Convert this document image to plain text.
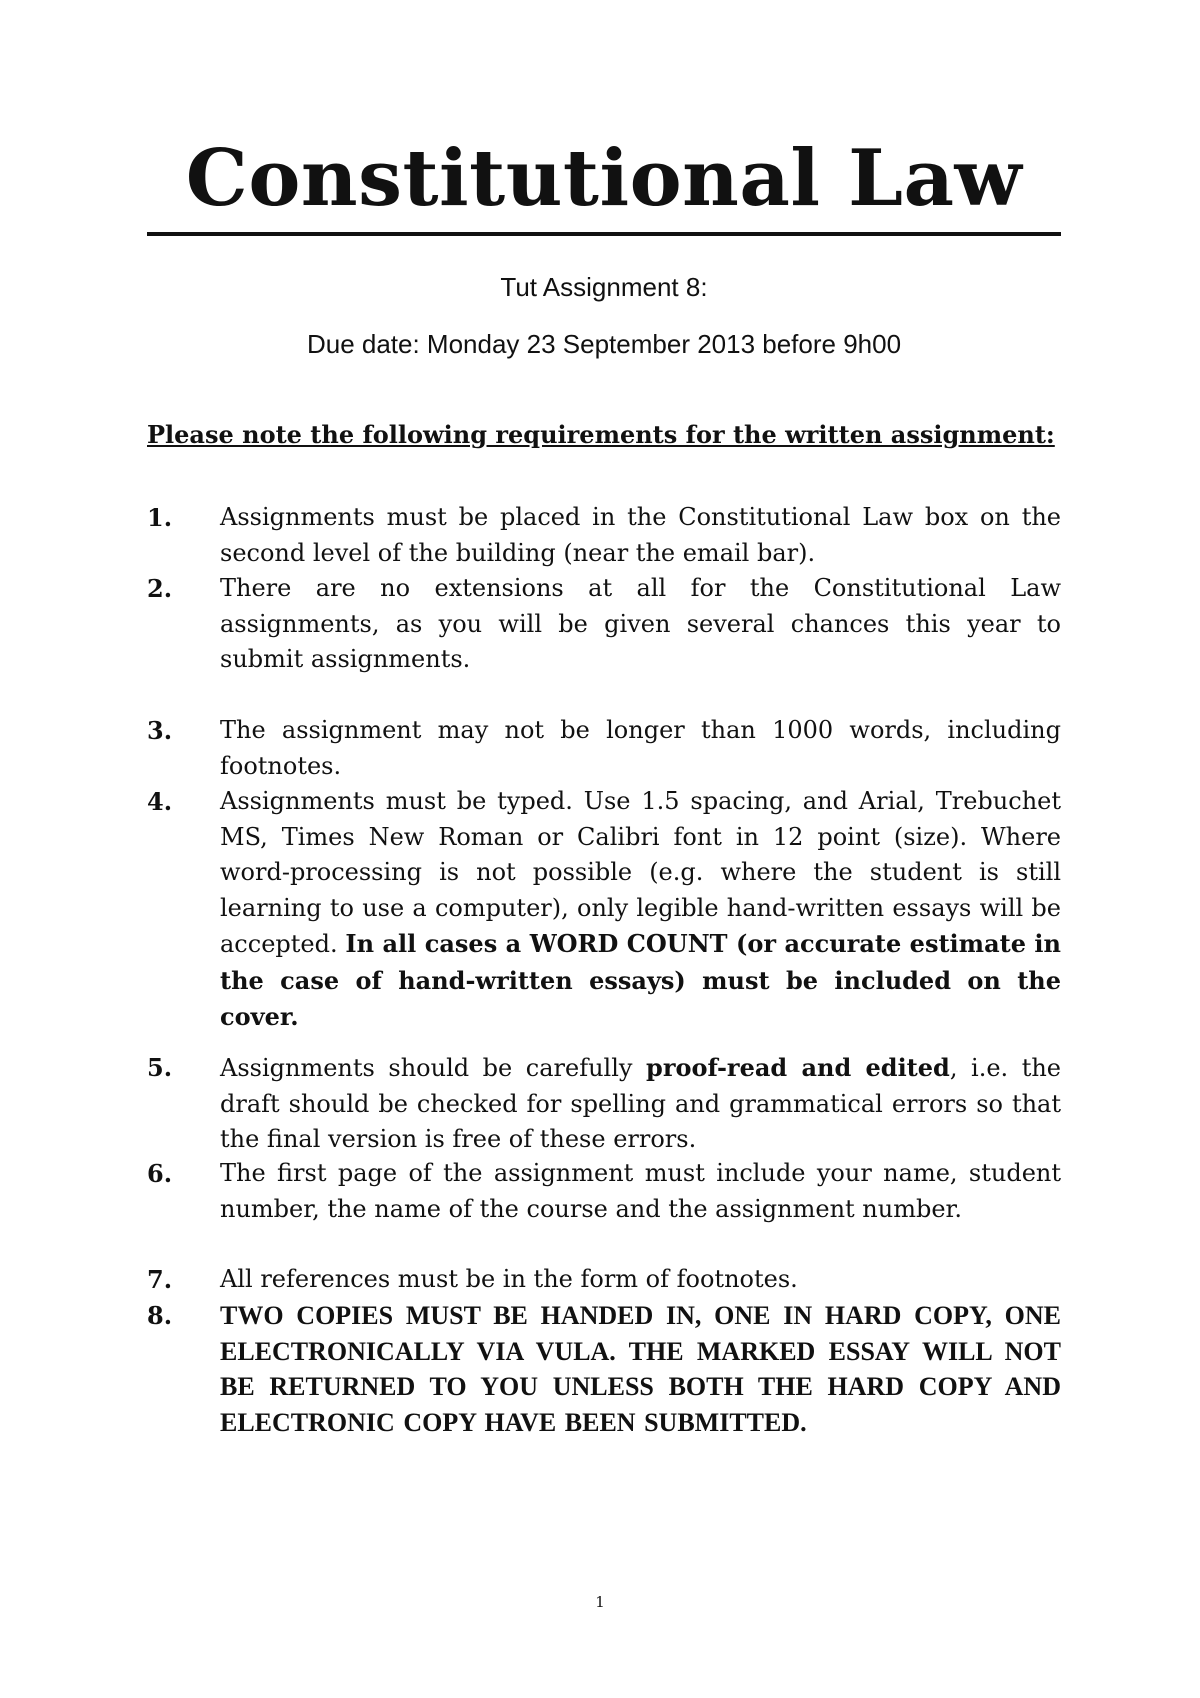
Constitutional Law

Tut Assignment 8:

Due date: Monday 23 September 2013 before 9h00

Please note the following requirements for the written assignment:

1.	Assignments must be placed in the Constitutional Law box on the second level of the building (near the email bar).
2.	There are no extensions at all for the Constitutional Law assignments, as you will be given several chances this year to submit assignments.
3.	The assignment may not be longer than 1000 words, including footnotes.
4.	Assignments must be typed. Use 1.5 spacing, and Arial, Trebuchet MS, Times New Roman or Calibri font in 12 point (size). Where word-processing is not possible (e.g. where the student is still learning to use a computer), only legible hand-written essays will be accepted. In all cases a WORD COUNT (or accurate estimate in the case of hand-written essays) must be included on the cover.
5.	Assignments should be carefully proof-read and edited, i.e. the draft should be checked for spelling and grammatical errors so that the final version is free of these errors.
6.	The first page of the assignment must include your name, student number, the name of the course and the assignment number.
7.	All references must be in the form of footnotes.
8.	TWO COPIES MUST BE HANDED IN, ONE IN HARD COPY, ONE ELECTRONICALLY VIA VULA. THE MARKED ESSAY WILL NOT BE RETURNED TO YOU UNLESS BOTH THE HARD COPY AND ELECTRONIC COPY HAVE BEEN SUBMITTED.
1
